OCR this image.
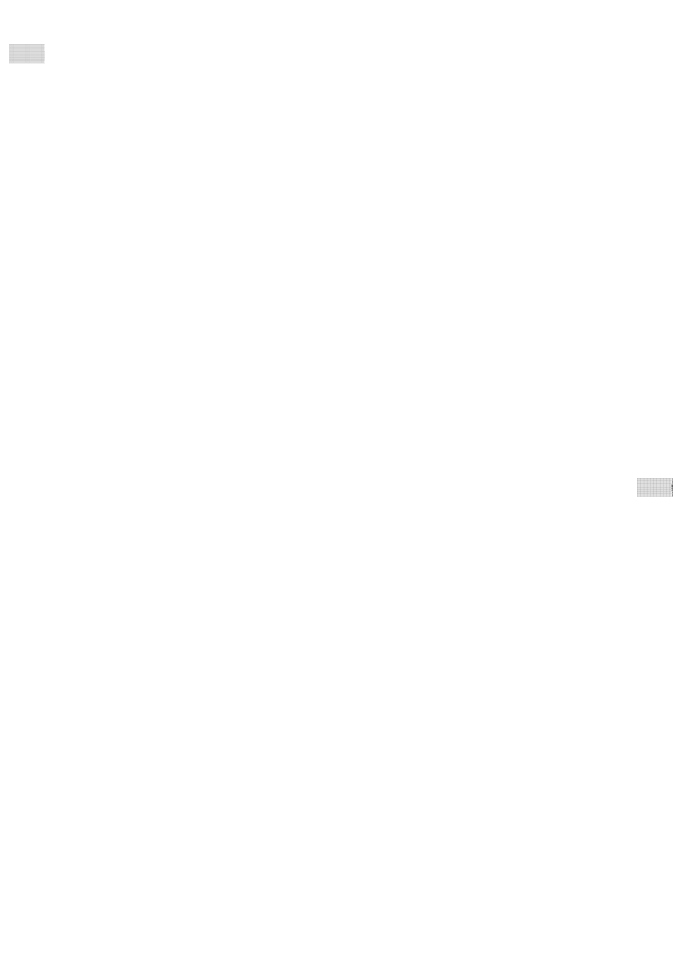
Модель	Аэродинамический тип	Сертификат соответствия			Класс защиты	Страна-изготовитель
		Регистрационный номер сертификата	Дата выдачи	Действует до		
BSG4/RP05	VBS5/RP00	DE.AЯ46.B70706	05.04.10	04.04.13		Германия
BSG4/RP05	VBS5/RP00	DE.AЯ46.B70706	05.04.10	04.04.13		Германия
BSG4/RP05	VBS5/RP00	DE.AЯ46.B70706	05.04.10	04.04.13		Германия
BSG4/RP05	VBS5/RP00	DE.AЯ46.B70706	05.04.10	04.04.13		Германия
BSG4/RP05	VBS5/RP00	DE.AЯ46.B70706	05.04.10	04.04.13		Германия
BSG5/RP05	VBS5/RP00	DE.AЯ46.B70706	05.04.10	04.04.13		Германия
BSG5/RP05	VBS5/RP00	DE.AЯ46.B70706	05.04.10	04.04.13		Германия
BSG5/RP05	VBS5/RP00	DE.AЯ46.B70706	05.04.10	04.04.13		Германия
BSG5/RP05	VBS5/RP00	DE.AЯ46.B70706	05.04.10	04.04.13		Германия
BSG5/RP05	VBS5/RP00	DE.AЯ46.B70706	05.04.10	04.04.13		Германия
BSG5/RP05	VBS5/RP00	DE.AЯ46.B70706	05.04.10	04.04.13		Германия
BSG5/RP05	VBS5/RP00	DE.AЯ46.B70706	05.04.10	04.04.13		Германия
BSG5/RP05	VBS5/RP00	DE.AЯ46.B70706	05.04.10	04.04.13		Германия
BSG6/RP05	VBS6/RP00	DE.AЯ46.B70706	05.04.10	04.04.13		Германия
BSG6/RP05	VBS6/RP00	DE.AЯ46.B70706	05.04.10	04.04.13		Германия
BSG6/RP05	VBS6/RP00	DE.AЯ46.B70706	05.04.10	04.04.13		Германия
BSG6/RP05	VBS6/RP00	DE.AЯ46.B70706	05.04.10	04.04.13		Германия
BSG6/RP05	VBS6/RP00	DE.AЯ46.B70706	05.04.10	04.04.13		Германия
BSG6/RP05	VBS6/RP00	DE.AЯ46.B70706	05.04.10	04.04.13		Германия
BSG6/RP05	VBS6/RP00	DE.AЯ46.B70706	05.04.10	04.04.13		Германия
BSG6/RP05	VBS6/RP00	DE.AЯ46.B70706	05.04.10	04.04.13		Германия
BSG6/RP05	VBS6/RP00	DE.AЯ46.B70706	05.04.10	04.04.13		Германия
BSG6/RP05	VBS6/RP00	DE.AЯ46.B70706	05.04.10	04.04.13		Германия
BSG6/RP05	VBS6/RP00	DE.AЯ46.B70706	05.04.10	04.04.13		Германия
BSG6/RP05	VBS6/RP00	DE.AЯ46.B70706	05.04.10	04.04.13		Германия
BSG6/RP05	VBS6/RP00	DE.AЯ46.B70706	05.04.10	04.04.13		Германия
BSG6/RP05	VBS6/RP00	DE.AЯ46.B70706	05.04.10	04.04.13		Германия
BSG8/RP05	VBS8/RP00	DE.AЯ46.B70706	05.04.10	04.04.13		Германия
BSG8/RP05	VBS8/RP00	DE.AЯ46.B70706	05.04.10	04.04.13		Германия
BSG8/RP05	VBS8/RP00	DE.AЯ46.B70706	05.04.10	04.04.13		Германия
BSG8/RP05	VBS8/RP00	DE.AЯ46.B70706	05.04.10	04.04.13		Германия
BSG8/RP05	VBS8/RP00	DE.AЯ46.B70706	05.04.10	04.04.13		Германия
BSG8/RP05	VBS8/RP00	DE.AЯ46.B70706	05.04.10	04.04.13		Германия
BSH4/RP05	VGB4/RP00	DE.AЯ46.B71957	28.07.09	27.07.12		Китай
BSH4/RP05	VGB4/RP00	DE.AЯ46.B71957	28.07.09	27.07.12		Китай
BSH4/RP05	VGB4/RP00	DE.AЯ46.B71957	28.07.09	27.07.12		Китай
BSH4/RP05	VGB4/RP00	DE.AЯ46.B71957	28.07.09	27.07.12		Китай
BSH5/RP05	VGB5/RP00	DE.AЯ46.B71957	28.07.09	27.07.12		Китай
BSH5/RP05	VGB5/RP00	DE.AЯ46.B71957	28.07.09	27.07.12		Китай
BSH5/RP05	VGB5/RP00	DE.AЯ46.B71957	28.07.09	27.07.12		Китай
BSH5/RP05	VGB5/RP00	DE.AЯ46.B71957	28.07.09	27.07.12		Китай
Радиальные вентиляторы со спиральным корпусом						
PHC250	CTS204	DE.AЯ46.B73818	30.08.10	29.08.13		Китай
PHC250	CTS204	DE.AЯ46.B73818	30.08.10	29.08.13		Китай
PHC250	CTS204	DE.AЯ46.B73818	30.08.10	29.08.13		Китай
PHC250	CTS204	DE.AЯ46.B73818	30.08.10	29.08.13		Китай
PHC250	CTS204	DE.AЯ46.B73818	30.08.10	29.08.13		Китай
PHC250	CTS204	DE.AЯ46.B73818	30.08.10	29.08.13		Китай
PHC315	CTS208	DE.AЯ46.B73818	30.08.10	29.08.13		Китай
PHC315	CTS208	DE.AЯ46.B73818	30.08.10	29.08.13		Китай
PHC315	CTS208	DE.AЯ46.B73818	30.08.10	29.08.13		Китай
PHC315	CTS208	DE.AЯ46.B73818	30.08.10	29.08.13		Китай
PHC315	CTS208	DE.AЯ46.B73818	30.08.10	29.08.13		Китай
PHC315	CTS208	DE.AЯ46.B73818	30.08.10	29.08.13		Китай
PHS315	CTS207	DE.AЯ46.B73818	30.08.10	29.08.13		Китай
PHS315	CTS207	DE.AЯ46.B73818	30.08.10	29.08.13		Китай
PHS315	CTS207	DE.AЯ46.B73818	30.08.10	29.08.13		Китай
PHS355	CTS208	DE.AЯ46.B73818	30.08.10	29.08.13		Китай
PHS355	CTS208	DE.AЯ46.B73818	30.08.10	29.08.13		Китай
PHS355	CTS208	DE.AЯ46.B73818	30.08.10	29.08.13		Китай
PHS400	CTS208	DE.AЯ46.B73818	30.08.10	29.08.13		Китай
PHS400	CTS208	DE.AЯ46.B73818	30.08.10	29.08.13		Китай
PHS400	CTS208	DE.AЯ46.B73818	30.08.10	29.08.13		Китай
PSH321	C SH301	DE.AЯ46.B73818	30.08.10	29.08.13		Китай
PHD100	CTMB3	DE.AЯ46.B72232	07.09.09	06.09.12		Китай
PHD100	CTMB3	DE.AЯ46.B72232	07.09.09	06.09.12		Китай
PHD100	CTMB3	DE.AЯ46.B72232	07.09.09	06.09.12		Китай
PHD150	CTMB3	DE.AЯ46.B72232	07.09.09	06.09.12		Китай
PHD150	CTMB3	DE.AЯ46.B72232	07.09.09	06.09.12		Китай
PHD200	CTMB7	DE.AЯ46.B72232	07.09.09	06.09.12		Китай
PHD200	CTMB7	DE.AЯ46.B72232	07.09.09	06.09.12		Китай
PHD250	CTMB7	DE.AЯ46.B72232	07.09.09	06.09.12		Китай
PHD250	CTMB7	DE.AЯ46.B72232	07.09.09	06.09.12		Китай
PHD300	CTMB8	DE.AЯ46.B72232	07.09.09	06.09.12		Китай
PHD300	CTMB8	DE.AЯ46.B72232	07.09.09	06.09.12		Китай
PHD500	CTMB8	DE.AЯ46.B72232	07.09.09	06.09.12		Китай
PHD500	CTMB8A	DE.AЯ46.B72232	07.09.09	06.09.12		Китай
PHD600	CTMB8A	DE.AЯ46.B72232	07.09.09	06.09.12		Китай
PHD710	CTMB8	DE.AЯ46.B72232	07.09.09	06.09.12		Китай
PHD710	CTMB8	DE.AЯ46.B72232	07.09.09	06.09.12		Китай
PHD714	CTMB12B	DE.AЯ46.B72232	07.09.09	06.09.12		Китай
PHD714	CTMB12B	DE.AЯ46.B72232	07.09.09	06.09.12		Китай
PHD751	CTMB12B	DE.AЯ46.B72232	07.09.09	06.09.12		Китай
PHD751	CTMB12B	DE.AЯ46.B72232	07.09.09	06.09.12		Китай
PHD765	CTMB12B	DE.AЯ46.B72232	07.09.09	06.09.12		Китай
PHD765	CTMB12A	DE.AЯ46.B72232	07.09.09	06.09.12		Китай
PHD767	CTMB12A	DE.AЯ46.B72232	07.09.09	06.09.12		Китай
PHD767	CTMB12A	DE.AЯ46.B72232	07.09.09	06.09.12		Китай
PHD1100	CTMB14	DE.AЯ46.B72232	07.09.09	06.09.12		Китай
PHD1100	CTMB14	DE.AЯ46.B72232	07.09.09	06.09.12		Китай
PHD1500	CTMB14	DE.AЯ46.B72232	07.09.09	06.09.12		Китай
PHD1500	CTMB14	DE.AЯ46.B72232	07.09.09	06.09.12		Китай
PHD2000	CTMB15	DE.AЯ46.B72232	07.09.09	06.09.12		Китай
PHD2000	CTMB15	DE.AЯ46.B72232	07.09.09	06.09.12		Китай
PHD2500	CTMB15	DE.AЯ46.B72232	07.09.09	06.09.12		Китай
PHD2500	CTMB15	DE.AЯ46.B72232	07.09.09	06.09.12		Китай
PHD2651	CTMB10	DE.AЯ46.B64695	04.09.10	03.09.13		Китай
PHD2651	CTMB10	DE.AЯ46.B64695	04.09.10	03.09.13		Китай
PHD2652	CTMB10	DE.AЯ46.B64695	04.09.10	03.09.13		Китай
Рэнд						
MAS/MAS 1	CNA5 1/3Q1	DE.AЯ46.B14734	24.01.08	23.01.11		Словения
MAS/MAS 1	CNA5 1/3Q1	DE.AЯ46.B14734	24.01.08	23.01.11		Словения
MAS/KM	CNA5 1/3Q1	DE.AЯ46.B14734	24.01.08	23.01.11		Словения
MAS/HS01	A5/S1	DE.AЯ46.B72656	24.09.09	23.09.12		Словения
MAS/HS01	A5/S1	DE.AЯ46.B72656	24.09.09	23.09.12		Словения
Системы лопастей						
MCP2000	CNCP3	DE.AЯ46.B18466	11.11.09	10.11.12		Словения
Модель	Аэродинамический тип				Класс защиты	Страна-изготовитель
		Регистрационный номер сертификата	Дата выдачи	Действует до		
MES 1035	CNCQ5	DE.AЯ46.B64585	28.01.09	27.01.12		Китай
MES050	CNCQ5	DE.AЯ46.B64585	28.01.09	27.01.12		Китай
MES050	CNCQ5	DE.AЯ46.B64585	28.01.09	27.01.12		Китай
MES055	CNCQ5	DE.AЯ46.B64585	28.01.09	27.01.12		Китай
MES300	CNCQ4	DE.AЯ46.B64585	28.01.09	27.01.12		Китай
Тестер						
TAE800	CTTU4	DE.AЯ46.B72262	30.09.09	29.09.12		Китай
TAE800	CTTU4	DE.AЯ46.B72262	30.09.09	29.09.12		Китай
TAE800	CTTU4	DE.AЯ46.B72262	30.09.09	29.09.12		Китай
TAE804	CTTU11	DE.AЯ46.B72262	30.09.09	29.09.12		Китай
TAE804	CTTU11	DE.AЯ46.B72262	30.09.09	29.09.12		Китай
TAE804	CTTU11	DE.AЯ46.B72262	30.09.09	29.09.12		Китай
TAE808	CTTU11	DE.AЯ46.B72262	30.09.09	29.09.12		Китай
TAE808	CTTU11	DE.AЯ46.B72262	30.09.09	29.09.12		Китай
TAE808	CTTU11	DE.AЯ46.B72262	30.09.09	29.09.12		Китай
TAE811	CTTU15	DE.AЯ46.B72262	30.09.09	29.09.12		Китай
TAE811	CTTU15	DE.AЯ46.B72262	30.09.09	29.09.12		Китай
Угол						
TPA2-57	CKB07	DE.AЯ46.B71008	14.07.09	13.07.12		Испания
TPA2315	CKB07	DE.AЯ46.B71008	14.07.09	13.07.12		Испания
TPA2315	CKB07	DE.AЯ46.B71008	14.07.09	13.07.12		Испания
TPA3M1	CKB08	DE.AЯ46.B71008	14.07.09	13.07.12		Испания
TPA3M1	CKB08	DE.AЯ46.B71008	14.07.09	13.07.12		Испания
TPA3M6	CKB09	DE.AЯ46.B73230	29.10.09	28.10.12		Испания
TPA3M6	CKB09	DE.AЯ46.B73230	29.10.09	28.10.12		Испания
TPA3M9	CKB09	DE.AЯ46.B73230	29.10.09	28.10.12		Испания
TPA3M9	CKB09	DE.AЯ46.B73230	29.10.09	28.10.12		Испания
TPA4M0	CKB10	DE.AЯ46.B73230	29.10.09	28.10.12		Испания
TPA4M0	CKB10	DE.AЯ46.B73230	29.10.09	28.10.12		Испания
TPA4M5	CKB10	DE.AЯ46.B73230	29.10.09	28.10.12		Испания
TPA4M5	CKB10	DE.AЯ46.B73230	29.10.09	28.10.12		Испания
TPA5M0	CKB11	DE.AЯ46.B73230	29.10.09	28.10.12		Испания
TPA5M0	CKB11	DE.AЯ46.B73230	29.10.09	28.10.12		Испания
TPA5M6	CKB11	DE.AЯ46.B73230	29.10.09	28.10.12		Испания
TPA5M6	CKB11	DE.AЯ46.B73230	29.10.09	28.10.12		Испания
TPA6M3	CKB12	DE.AЯ46.B73230	29.10.09	28.10.12		Испания
TPA6M3	CKB12	DE.AЯ46.B73230	29.10.09	28.10.12		Испания
TPA7M1	CKB12	DE.AЯ46.B73230	29.10.09	28.10.12		Испания
TPA7M1	CKB12	DE.AЯ46.B73230	29.10.09	28.10.12		Испания
TPA8M0	CKB13	DE.AЯ46.B73230	29.10.09	28.10.12		Испания
TPA8M0	CKB13	DE.AЯ46.B73230	29.10.09	28.10.12		Испания
TPA9M0	CKB13	DE.AЯ46.B73230	29.10.09	28.10.12		Испания
TPA9M0	CKB13	DE.AЯ46.B73230	29.10.09	28.10.12		Испания
TPA10M	CKB14	DE.AЯ46.B73230	29.10.09	28.10.12		Испания
TPA10M	CKB14	DE.AЯ46.B73230	29.10.09	28.10.12		Испания
Чистка						
TRA2009	CTTA1	DE.AЯ46.B14822	31.03.08	30.03.11		Чехия
Электрические приводы для механизмов регулирования						
PMP2232	C BHO4	DE.AЯ46.B72628	09.10.09	08.10.12		Китай
Заслонки						
TWKT 80N	CTMKB4	DE.AЯ46.B69915	10.03.10	09.03.13		Китай
TWKT 80N	CTMKB4	DE.AЯ46.B69915	10.03.10	09.03.13		Китай
TWKT20	CTMKB4	DE.AЯ46.B69915	10.03.10	09.03.13		Китай
TWK400	CTMKB7	DE.AЯ46.B69915	10.03.10	09.03.13		Китай
TWK500	CTMKB7	DE.AЯ46.B69915	10.03.10	09.03.13		Китай
TWK600	CTMKB7	DE.AЯ46.B69915	10.03.10	09.03.13		Китай
TWK600AC	CTMKB11	DE.AЯ46.B69915	10.03.10	09.03.13		Китай
TWK600AC	CTMKB11	DE.AЯ46.B69915	10.03.10	09.03.13		Китай
TWK600AC	CTMKB11	DE.AЯ46.B69915	10.03.10	09.03.13		Китай
TWK600AC	CTMKB11	DE.AЯ46.B69915	10.03.10	09.03.13		Китай
TWK600AC	CTMKB11	DE.AЯ46.B69915	10.03.10	09.03.13		Китай
TWK600BC	CTMKB11	DE.AЯ46.B69915	10.03.10	09.03.13		Китай
TWK600BC	CTMKB11	DE.AЯ46.B69915	10.03.10	09.03.13		Китай
TWK600BC	CTMKB11	DE.AЯ46.B69915	10.03.10	09.03.13		Китай
TWK600BC	CTMKB11	DE.AЯ46.B69915	10.03.10	09.03.13		Китай
TWK600BC	CTMKB11	DE.AЯ46.B69915	10.03.10	09.03.13		Китай
TWK600BC	CTMKB11	DE.AЯ46.B69915	10.03.10	09.03.13		Китай
TWK1000	CTMK7	DE.AЯ46.B69477	22.04.08	21.04.11		Чехия
TWK1000	CTMK7	DE.AЯ46.B69477	22.04.08	21.04.11		Чехия
TWK1000	CTMK7	DE.AЯ46.B69477	22.04.08	21.04.11		Чехия
TWK1000	CTMK7	DE.AЯ46.B69477	22.04.08	21.04.11		Чехия
TWK1000	CTMK7	DE.AЯ46.B69477	22.04.08	21.04.11		Чехия
TWK1000	CTMK7	DE.AЯ46.B69477	22.04.08	21.04.11		Чехия
TWK1000	CTMK7	DE.AЯ46.B69477	22.04.08	21.04.11		Чехия
TWK1000	CTMK7	DE.AЯ46.B69477	22.04.08	21.04.11		Чехия
TWK C1H	CTMK6	DE.AЯ46.B70771	28.03.10	27.03.13		Китай
TWK C1H	CTMK6	DE.AЯ46.B70771	28.03.10	27.03.13		Китай
TWK6813	CTMKS	DE.AЯ46.B69915	10.03.10	09.03.13		Китай
TWK6813	CTMKS	DE.AЯ46.B69915	10.03.10	09.03.13		Китай
